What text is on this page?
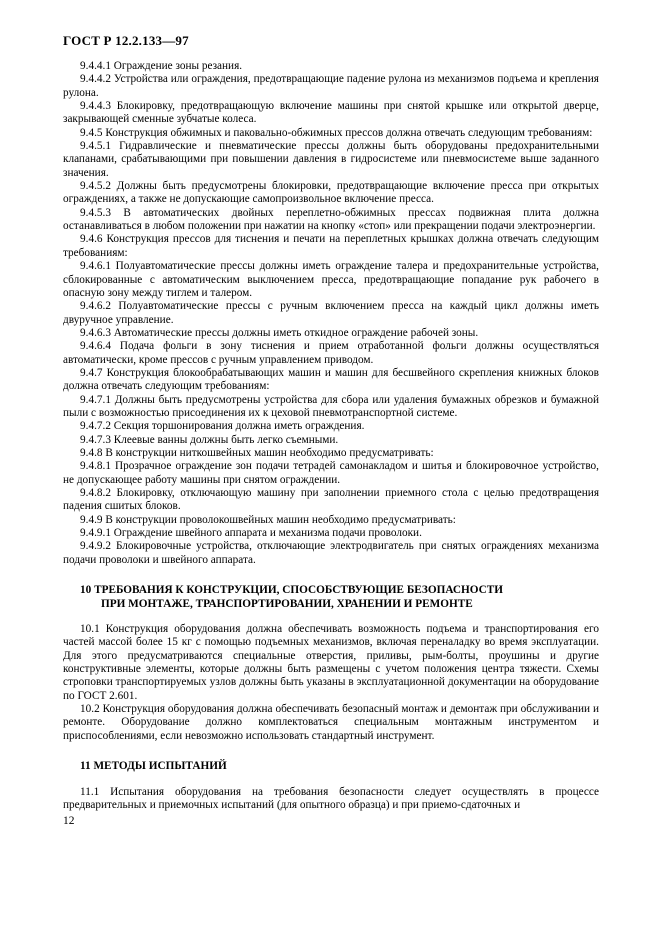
ГОСТ Р 12.2.133—97

9.4.4.1 Ограждение зоны резания.

9.4.4.2 Устройства или ограждения, предотвращающие падение рулона из механизмов подъема и крепления рулона.

9.4.4.3 Блокировку, предотвращающую включение машины при снятой крышке или открытой дверце, закрывающей сменные зубчатые колеса.

9.4.5 Конструкция обжимных и паковально-обжимных прессов должна отвечать следующим требованиям:

9.4.5.1 Гидравлические и пневматические прессы должны быть оборудованы предохранительными клапанами, срабатывающими при повышении давления в гидросистеме или пневмосистеме выше заданного значения.

9.4.5.2 Должны быть предусмотрены блокировки, предотвращающие включение пресса при открытых ограждениях, а также не допускающие самопроизвольное включение пресса.

9.4.5.3 В автоматических двойных переплетно-обжимных прессах подвижная плита должна останавливаться в любом положении при нажатии на кнопку «стоп» или прекращении подачи электроэнергии.

9.4.6 Конструкция прессов для тиснения и печати на переплетных крышках должна отвечать следующим требованиям:

9.4.6.1 Полуавтоматические прессы должны иметь ограждение талера и предохранительные устройства, сблокированные с автоматическим выключением пресса, предотвращающие попадание рук рабочего в опасную зону между тиглем и талером.

9.4.6.2 Полуавтоматические прессы с ручным включением пресса на каждый цикл должны иметь двуручное управление.

9.4.6.3 Автоматические прессы должны иметь откидное ограждение рабочей зоны.

9.4.6.4 Подача фольги в зону тиснения и прием отработанной фольги должны осуществляться автоматически, кроме прессов с ручным управлением приводом.

9.4.7 Конструкция блокообрабатывающих машин и машин для бесшвейного скрепления книжных блоков должна отвечать следующим требованиям:

9.4.7.1 Должны быть предусмотрены устройства для сбора или удаления бумажных обрезков и бумажной пыли с возможностью присоединения их к цеховой пневмотранспортной системе.

9.4.7.2 Секция торшонирования должна иметь ограждения.

9.4.7.3 Клеевые ванны должны быть легко съемными.

9.4.8 В конструкции ниткошвейных машин необходимо предусматривать:

9.4.8.1 Прозрачное ограждение зон подачи тетрадей самонакладом и шитья и блокировочное устройство, не допускающее работу машины при снятом ограждении.

9.4.8.2 Блокировку, отключающую машину при заполнении приемного стола с целью предотвращения падения сшитых блоков.

9.4.9 В конструкции проволокошвейных машин необходимо предусматривать:

9.4.9.1 Ограждение швейного аппарата и механизма подачи проволоки.

9.4.9.2 Блокировочные устройства, отключающие электродвигатель при снятых ограждениях механизма подачи проволоки и швейного аппарата.

10 ТРЕБОВАНИЯ К КОНСТРУКЦИИ, СПОСОБСТВУЮЩИЕ БЕЗОПАСНОСТИ
ПРИ МОНТАЖЕ, ТРАНСПОРТИРОВАНИИ, ХРАНЕНИИ И РЕМОНТЕ

10.1 Конструкция оборудования должна обеспечивать возможность подъема и транспортирования его частей массой более 15 кг с помощью подъемных механизмов, включая переналадку во время эксплуатации. Для этого предусматриваются специальные отверстия, приливы, рым-болты, проушины и другие конструктивные элементы, которые должны быть размещены с учетом положения центра тяжести. Схемы строповки транспортируемых узлов должны быть указаны в эксплуатационной документации на оборудование по ГОСТ 2.601.

10.2 Конструкция оборудования должна обеспечивать безопасный монтаж и демонтаж при обслуживании и ремонте. Оборудование должно комплектоваться специальным монтажным инструментом и приспособлениями, если невозможно использовать стандартный инструмент.

11 МЕТОДЫ ИСПЫТАНИЙ

11.1 Испытания оборудования на требования безопасности следует осуществлять в процессе предварительных и приемочных испытаний (для опытного образца) и при приемо-сдаточных и

12
